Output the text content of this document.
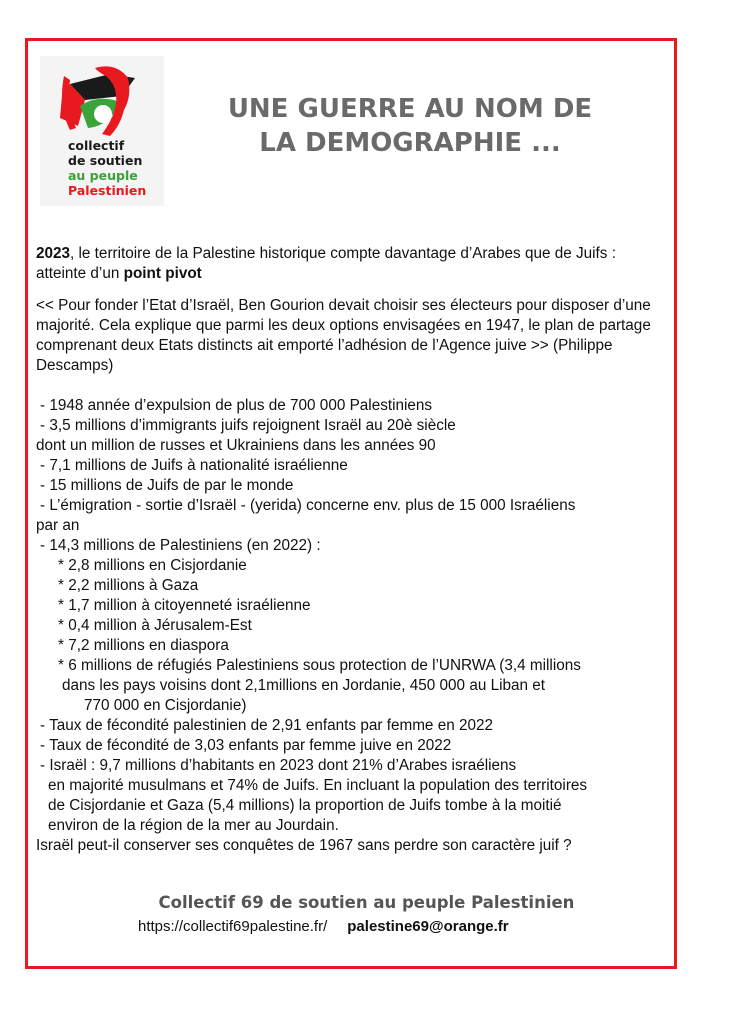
collectif
de soutien
au peuple
Palestinien
UNE GUERRE AU NOM DE
LA DEMOGRAPHIE ...

2023, le territoire de la Palestine historique compte davantage d’Arabes que de Juifs : atteinte d’un point pivot

<< Pour fonder l’Etat d’Israël, Ben Gourion devait choisir ses électeurs pour disposer d’une majorité. Cela explique que parmi les deux options envisagées en 1947, le plan de partage comprenant deux Etats distincts ait emporté l’adhésion de l’Agence juive >> (Philippe Descamps)

- 1948 année d’expulsion de plus de 700 000 Palestiniens

- 3,5 millions d’immigrants juifs rejoignent Israël au 20è siècle

dont un million de russes et Ukrainiens dans les années 90

- 7,1 millions de Juifs à nationalité israélienne

- 15 millions de Juifs de par le monde

- L’émigration - sortie d’Israël - (yerida) concerne env. plus de 15 000 Israéliens

par an

- 14,3 millions de Palestiniens (en 2022) :

* 2,8 millions en Cisjordanie

* 2,2 millions à Gaza

* 1,7 million à citoyenneté israélienne

* 0,4 million à Jérusalem-Est

* 7,2 millions en diaspora

* 6 millions de réfugiés Palestiniens sous protection de l’UNRWA (3,4 millions

dans les pays voisins dont 2,1millions en Jordanie, 450 000 au Liban et

770 000 en Cisjordanie)

- Taux de fécondité palestinien de 2,91 enfants par femme en 2022

- Taux de fécondité de 3,03 enfants par femme juive en 2022

- Israël : 9,7 millions d’habitants en 2023 dont 21% d’Arabes israéliens

en majorité musulmans et 74% de Juifs. En incluant la population des territoires

de Cisjordanie et Gaza (5,4 millions) la proportion de Juifs tombe à la moitié

environ de la région de la mer au Jourdain.

Israël peut-il conserver ses conquêtes de 1967 sans perdre son caractère juif ?

Collectif 69 de soutien au peuple Palestinien
https://collectif69palestine.fr/ palestine69@orange.fr
